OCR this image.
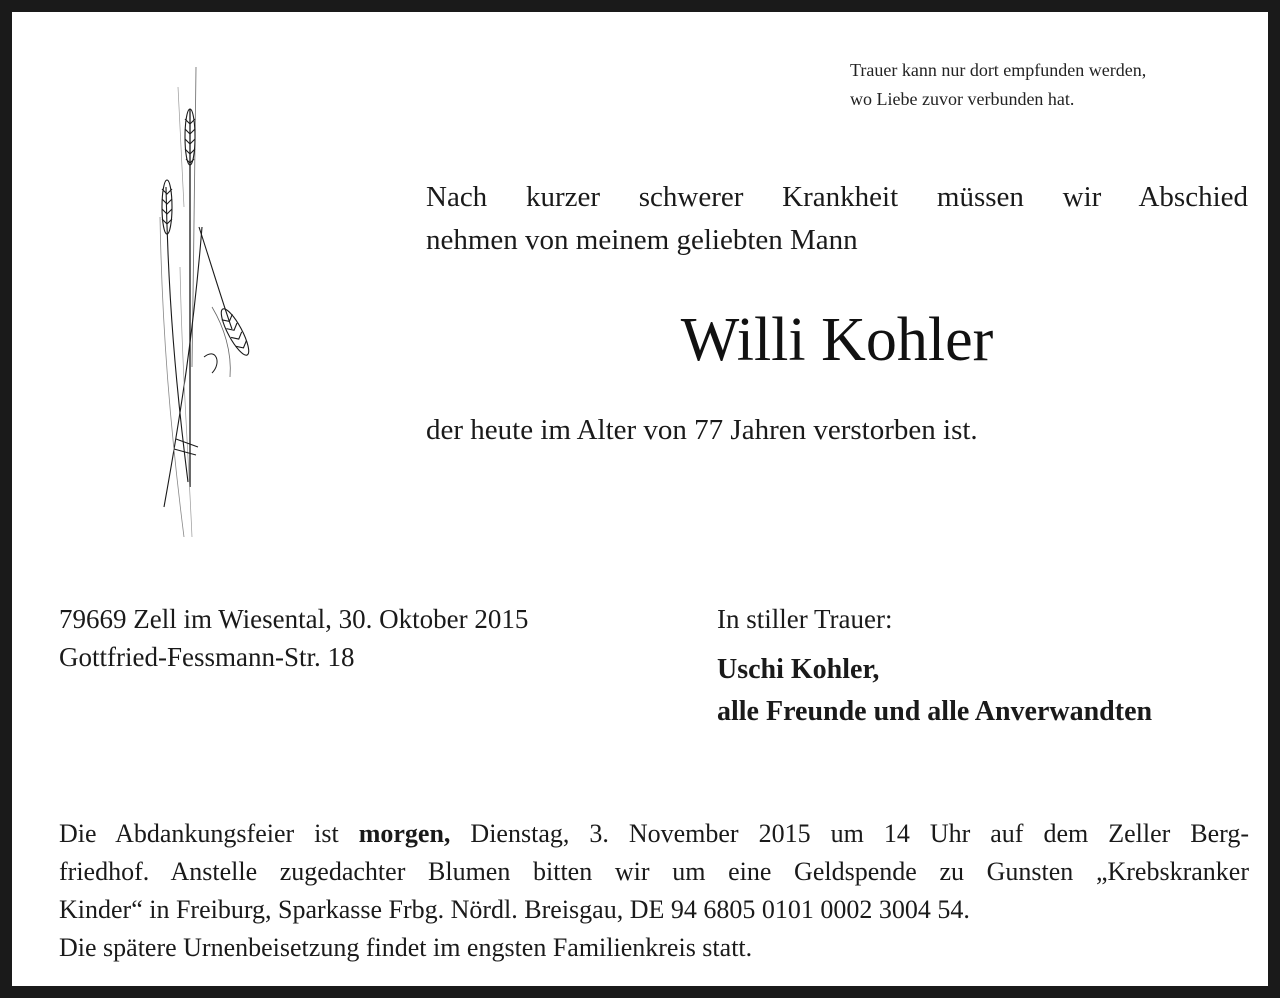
Trauer kann nur dort empfunden werden,
wo Liebe zuvor verbunden hat.
Nach kurzer schwerer Krankheit müssen wir Abschied
nehmen von meinem geliebten Mann
Willi Kohler
der heute im Alter von 77 Jahren verstorben ist.
79669 Zell im Wiesental, 30. Oktober 2015
Gottfried-Fessmann-Str. 18
In stiller Trauer:
Uschi Kohler,
alle Freunde und alle Anverwandten
Die Abdankungsfeier ist morgen, Dienstag, 3. November 2015 um 14 Uhr auf dem Zeller Berg-
friedhof. Anstelle zugedachter Blumen bitten wir um eine Geldspende zu Gunsten „Krebskranker
Kinder“ in Freiburg, Sparkasse Frbg. Nördl. Breisgau, DE 94 6805 0101 0002 3004 54.
Die spätere Urnenbeisetzung findet im engsten Familienkreis statt.
